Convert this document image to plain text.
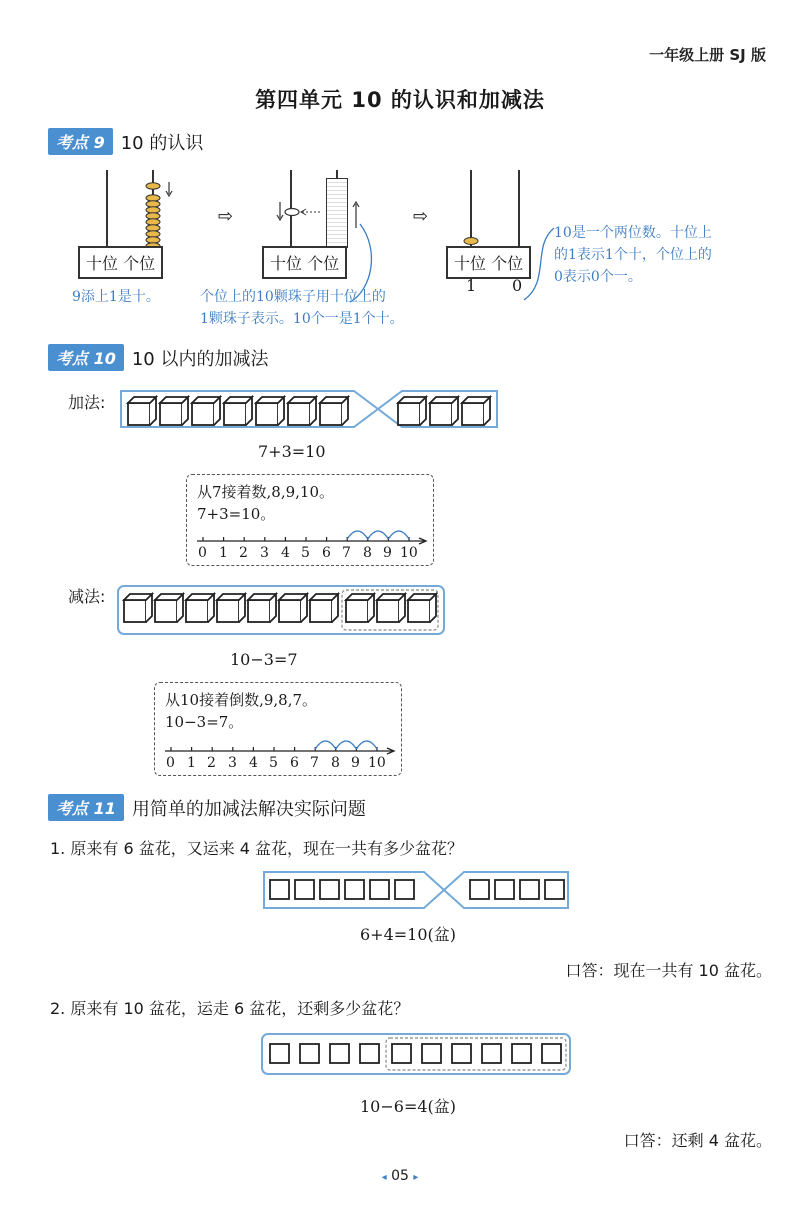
一年级上册 SJ 版
第四单元 10 的认识和加减法
考点 9 10 的认识
十位 个位
9添上1是十。
⇨
十位 个位
个位上的10颗珠子用十位上的
1颗珠子表示。10个一是1个十。
⇨
十位 个位
1 0
10是一个两位数。十位上
的1表示1个十，个位上的
0表示0个一。
考点 10 10 以内的加减法
加法:
7+3=10
从7接着数,8,9,10。
7+3=10。
0 1 2 3 4 5 6 7 8 9 10
减法:
10−3=7
从10接着倒数,9,8,7。
10−3=7。
0 1 2 3 4 5 6 7 8 9 10
考点 11 用简单的加减法解决实际问题
1. 原来有 6 盆花，又运来 4 盆花，现在一共有多少盆花？
6+4=10(盆)
口答：现在一共有 10 盆花。
2. 原来有 10 盆花，运走 6 盆花，还剩多少盆花？
10−6=4(盆)
口答：还剩 4 盆花。
◂ 05 ▸
